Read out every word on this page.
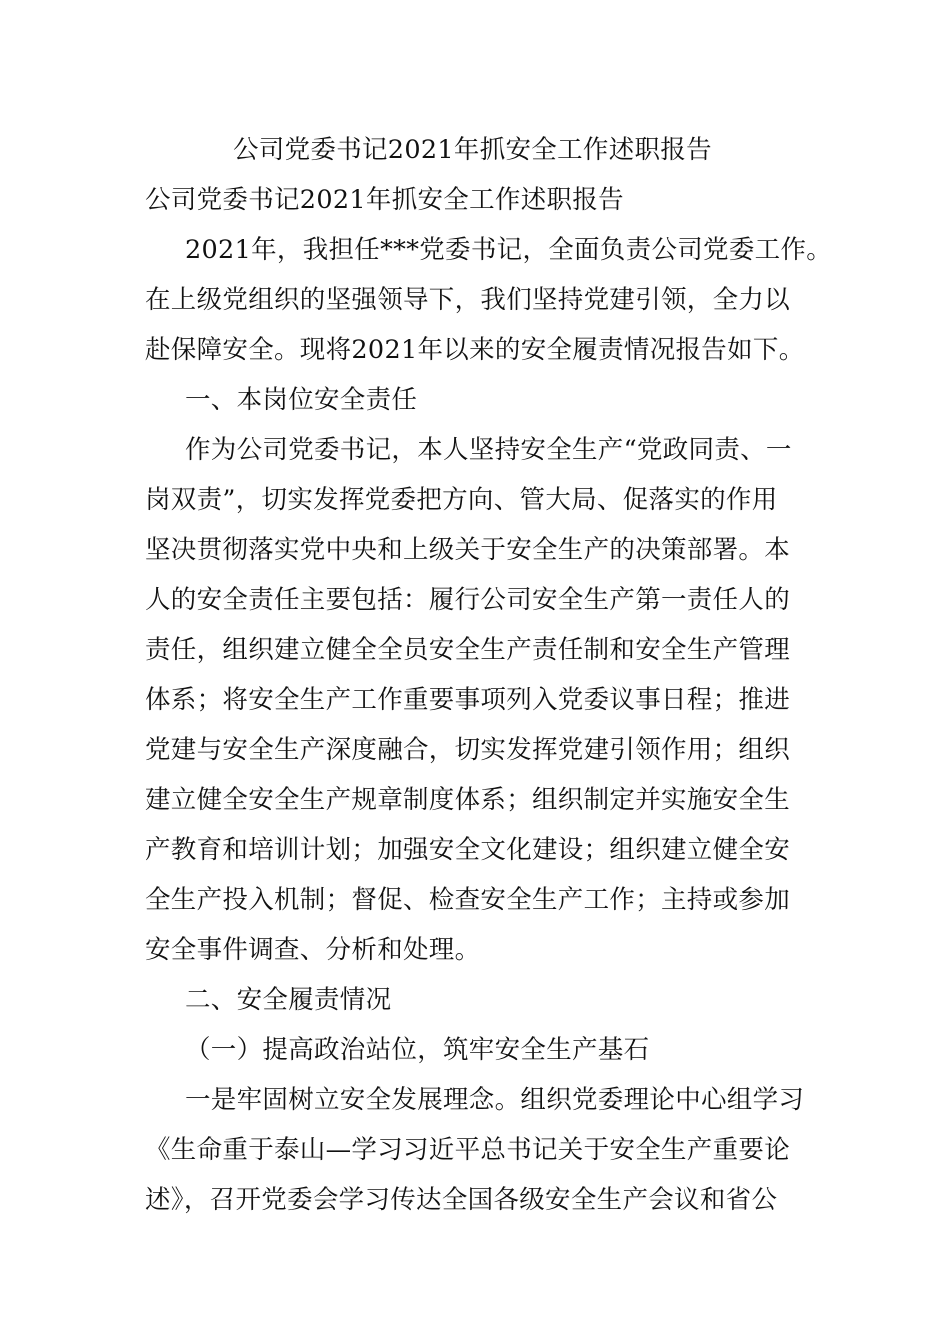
公司党委书记2021年抓安全工作述职报告
公司党委书记2021年抓安全工作述职报告
2021年，我担任***党委书记，全面负责公司党委工作。
在上级党组织的坚强领导下，我们坚持党建引领，全力以
赴保障安全。现将2021年以来的安全履责情况报告如下。
一、本岗位安全责任
作为公司党委书记，本人坚持安全生产“党政同责、一
岗双责”，切实发挥党委把方向、管大局、促落实的作用
坚决贯彻落实党中央和上级关于安全生产的决策部署。本
人的安全责任主要包括：履行公司安全生产第一责任人的
责任，组织建立健全全员安全生产责任制和安全生产管理
体系；将安全生产工作重要事项列入党委议事日程；推进
党建与安全生产深度融合，切实发挥党建引领作用；组织
建立健全安全生产规章制度体系；组织制定并实施安全生
产教育和培训计划；加强安全文化建设；组织建立健全安
全生产投入机制；督促、检查安全生产工作；主持或参加
安全事件调查、分析和处理。
二、安全履责情况
（一）提高政治站位，筑牢安全生产基石
一是牢固树立安全发展理念。组织党委理论中心组学习
《生命重于泰山—学习习近平总书记关于安全生产重要论
述》，召开党委会学习传达全国各级安全生产会议和省公
